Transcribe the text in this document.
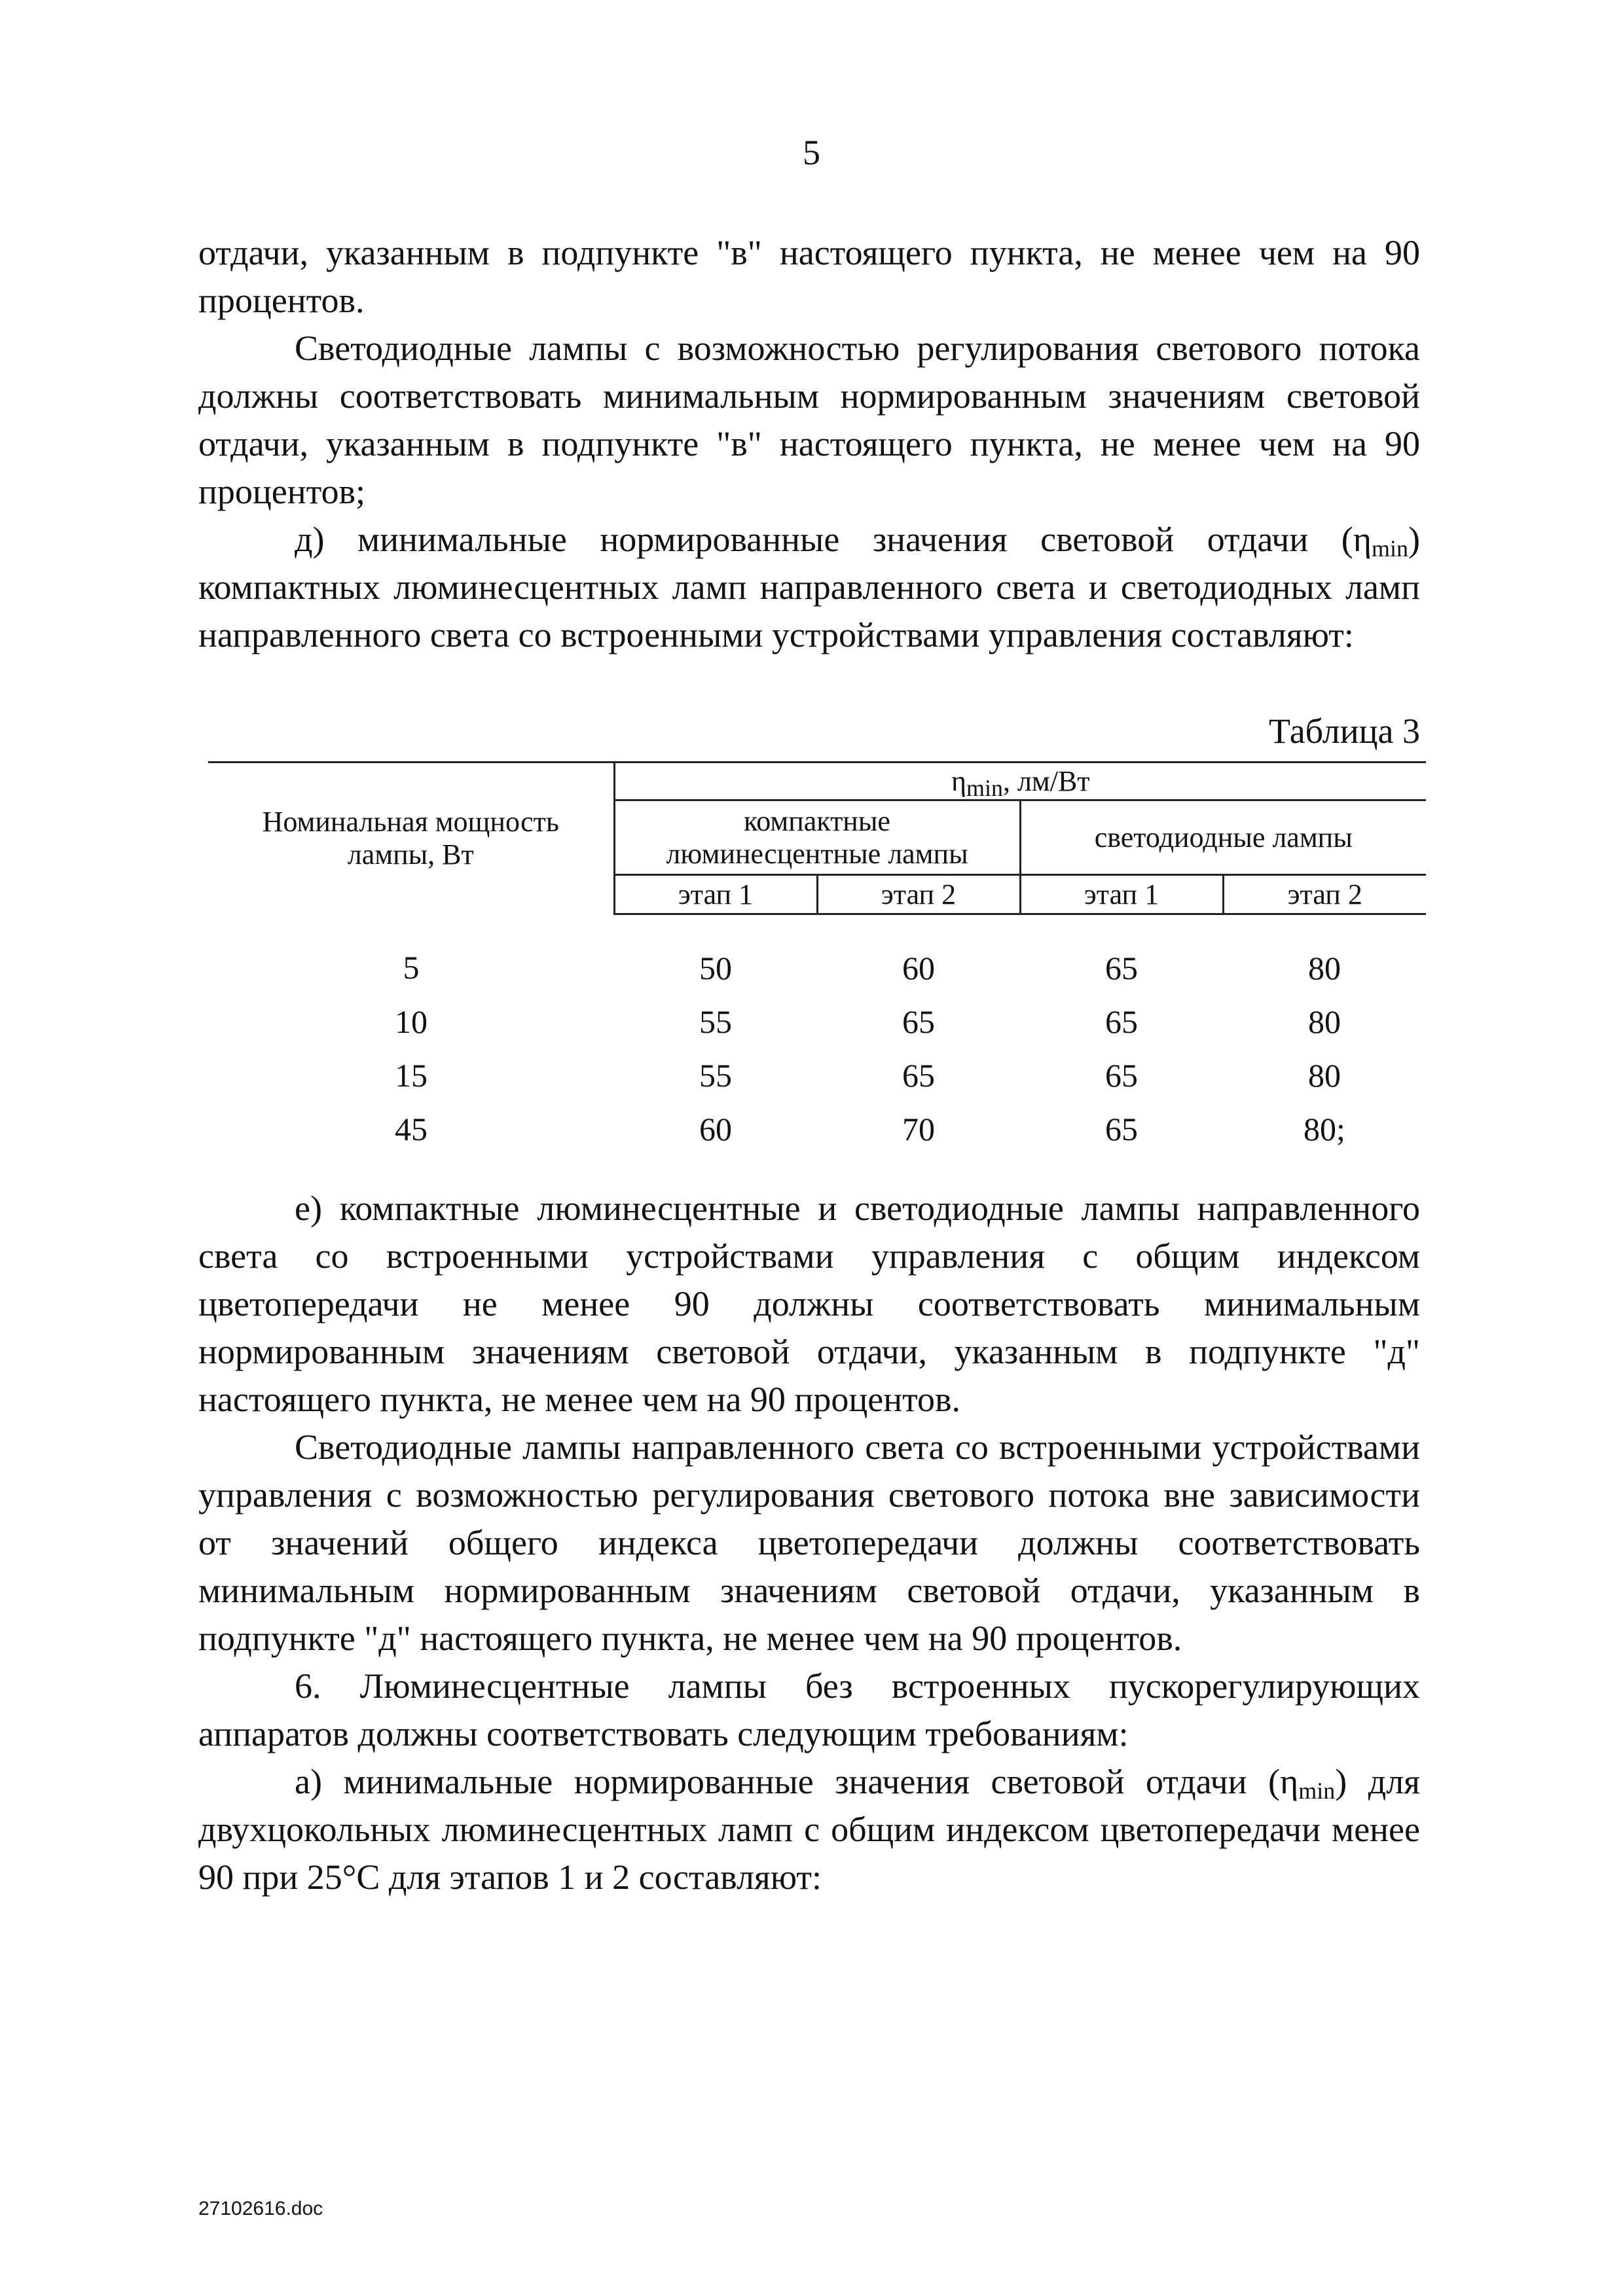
5

отдачи, указанным в подпункте "в" настоящего пункта, не менее чем на 90 процентов.

Светодиодные лампы с возможностью регулирования светового потока должны соответствовать минимальным нормированным значениям световой отдачи, указанным в подпункте "в" настоящего пункта, не менее чем на 90 процентов;

д) минимальные нормированные значения световой отдачи $(\eta_{min})$ компактных люминесцентных ламп направленного света и светодиодных ламп направленного света со встроенными устройствами управления составляют:

Таблица 3
Номинальная мощность лампы, Вт	$\eta_{min}$, лм/Вт			
	компактные люминесцентные лампы		светодиодные лампы	
	этап 1	этап 2	этап 1	этап 2
5	50	60	65	80
10	55	65	65	80
15	55	65	65	80
45	60	70	65	80;

е) компактные люминесцентные и светодиодные лампы направленного света со встроенными устройствами управления с общим индексом цветопередачи не менее 90 должны соответствовать минимальным нормированным значениям световой отдачи, указанным в подпункте "д" настоящего пункта, не менее чем на 90 процентов.

Светодиодные лампы направленного света со встроенными устройствами управления с возможностью регулирования светового потока вне зависимости от значений общего индекса цветопередачи должны соответствовать минимальным нормированным значениям световой отдачи, указанным в подпункте "д" настоящего пункта, не менее чем на 90 процентов.

6. Люминесцентные лампы без встроенных пускорегулирующих аппаратов должны соответствовать следующим требованиям:

а) минимальные нормированные значения световой отдачи $(\eta_{min})$ для двухцокольных люминесцентных ламп с общим индексом цветопередачи менее 90 при 25°С для этапов 1 и 2 составляют:

27102616.doc
